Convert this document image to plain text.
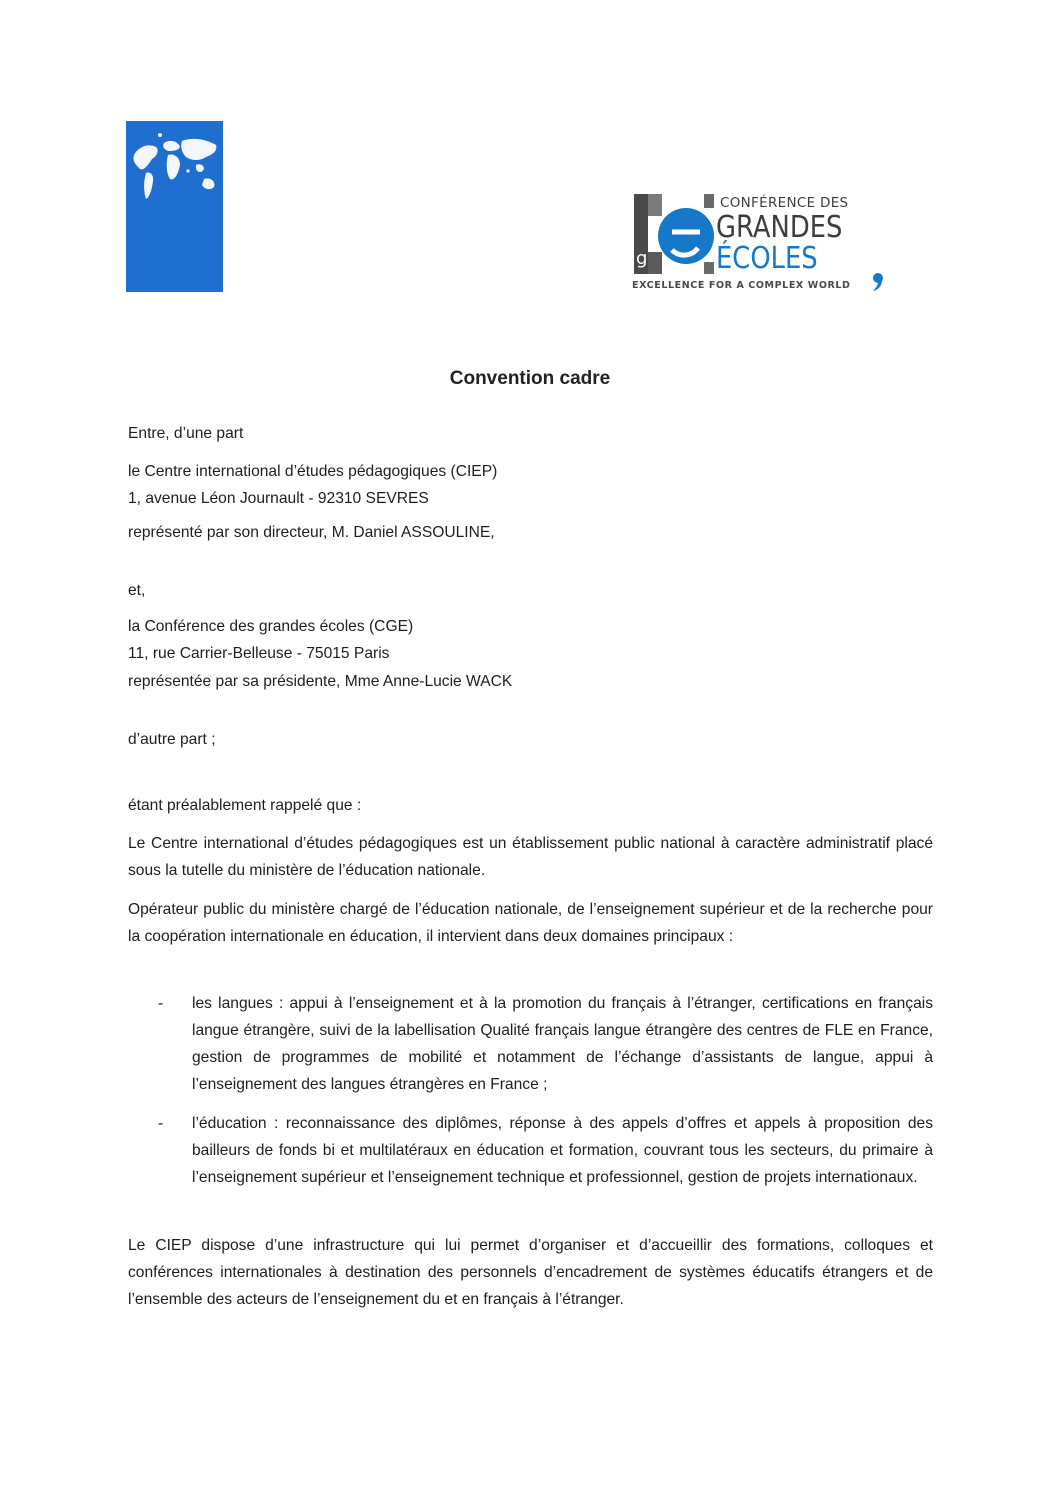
CIeP
g
CONFÉRENCE DES
GRANDES
ÉCOLES
EXCELLENCE FOR A COMPLEX WORLD
Convention cadre
Entre, d’une part
le Centre international d’études pédagogiques (CIEP)
1, avenue Léon Journault - 92310 SEVRES
représenté par son directeur, M. Daniel ASSOULINE,
et,
la Conférence des grandes écoles (CGE)
11, rue Carrier-Belleuse - 75015 Paris
représentée par sa présidente, Mme Anne-Lucie WACK
d’autre part ;
étant préalablement rappelé que :
Le Centre international d’études pédagogiques est un établissement public national à caractère administratif placé sous la tutelle du ministère de l’éducation nationale.
Opérateur public du ministère chargé de l’éducation nationale, de l’enseignement supérieur et de la recherche pour la coopération internationale en éducation, il intervient dans deux domaines principaux :
- les langues : appui à l’enseignement et à la promotion du français à l’étranger, certifications en français langue étrangère, suivi de la labellisation Qualité français langue étrangère des centres de FLE en France, gestion de programmes de mobilité et notamment de l’échange d’assistants de langue, appui à l’enseignement des langues étrangères en France ;
- l’éducation : reconnaissance des diplômes, réponse à des appels d’offres et appels à proposition des bailleurs de fonds bi et multilatéraux en éducation et formation, couvrant tous les secteurs, du primaire à l’enseignement supérieur et l’enseignement technique et professionnel, gestion de projets internationaux.
Le CIEP dispose d’une infrastructure qui lui permet d’organiser et d’accueillir des formations, colloques et conférences internationales à destination des personnels d’encadrement de systèmes éducatifs étrangers et de l’ensemble des acteurs de l’enseignement du et en français à l’étranger.
